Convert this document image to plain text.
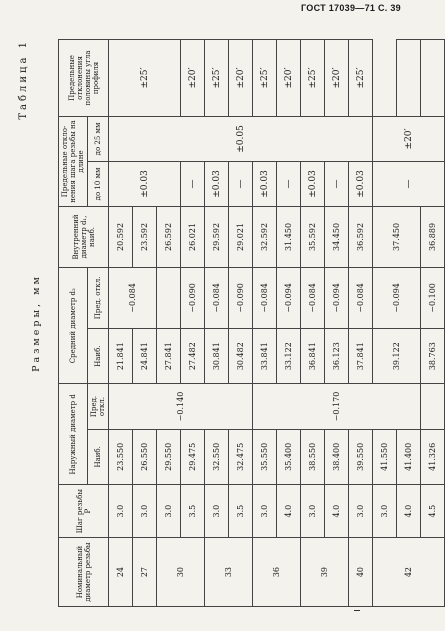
ГОСТ 17039—71 С. 39
Таблица 1
Размеры, мм
Номинальный диаметр резьбы	Шаг резьбы P	Наружный диаметр d		Средний диаметр d₂		Внутренний диаметр d₁, наиб.	Предельные откло-нения шага резьбы на длине		Предельные отклонения половины угла профиля
		Наиб.	Пред. откл.	Наиб.	Пред. откл.		до 10 мм	до 25 мм	
24	3.0	23.550	−0.140	21.841	−0.084	20.592	±0.03	±0.05	±25′
27	3.0	26.550		24.841		23.592			
30	3.0	29.550		27.841		26.592			
	3.5	29.475		27.482	−0.090	26.021	—		±20′
33	3.0	32.550		30.841	−0.084	29.592	±0.03		±25′
	3.5	32.475		30.482	−0.090	29.021	—		±20′
36	3.0	35.550	−0.170	33.841	−0.084	32.592	±0.03		±25′
	4.0	35.400		33.122	−0.094	31.450	—		±20′
39	3.0	38.550		36.841	−0.084	35.592	±0.03		±25′
	4.0	38.400		36.123	−0.094	34.450	—		±20′
40	3.0	39.550		37.841	−0.084	36.592	±0.03		±25′
42	3.0	41.550		39.122	−0.094	37.450	—	±20′	
	4.0	41.400							
	4.5	41.326		38.763	−0.100	36.889			
